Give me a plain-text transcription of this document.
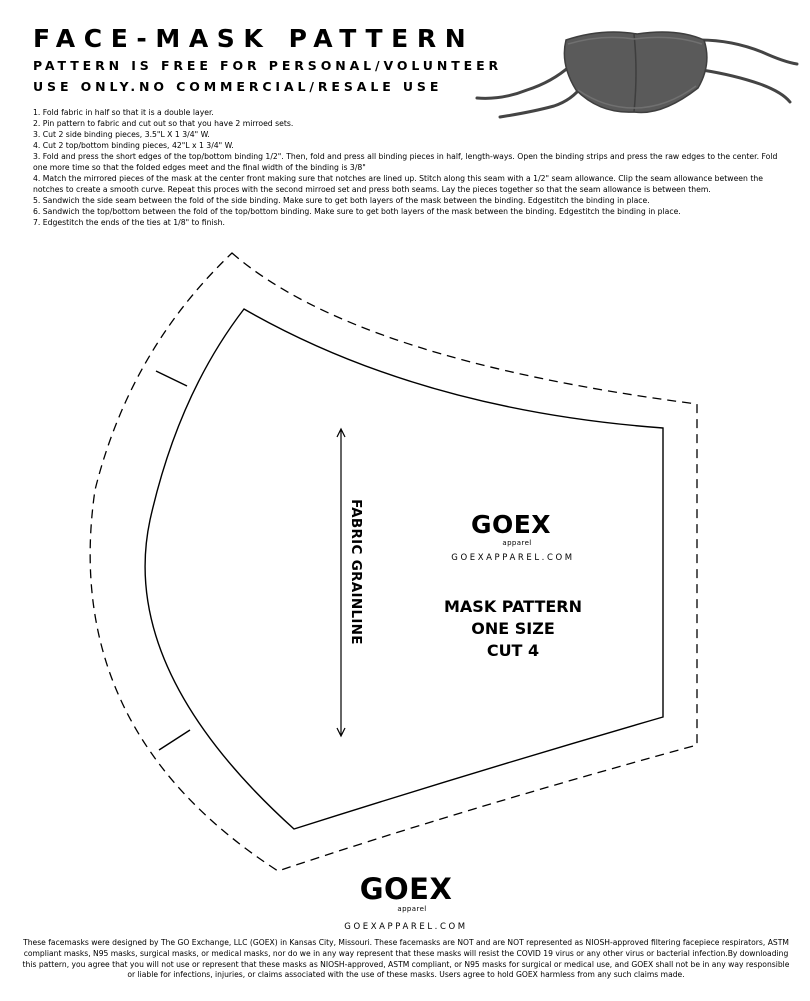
FACE-MASK PATTERN
PATTERN IS FREE FOR PERSONAL/VOLUNTEER
USE ONLY.NO COMMERCIAL/RESALE USE
1. Fold fabric in half so that it is a double layer.
2. Pin pattern to fabric and cut out so that you have 2 mirroed sets.
3. Cut 2 side binding pieces, 3.5"L X 1 3/4" W.
4. Cut 2 top/bottom binding pieces, 42"L x 1 3/4" W.
3. Fold and press the short edges of the top/bottom binding 1/2". Then, fold and press all binding pieces in half, length-ways. Open the binding strips and press the raw edges to the center. Fold one more time so that the folded edges meet and the final width of the binding is 3/8"
4. Match the mirrored pieces of the mask at the center front making sure that notches are lined up. Stitch along this seam with a 1/2" seam allowance. Clip the seam allowance between the notches to create a smooth curve. Repeat this proces with the second mirroed set and press both seams. Lay the pieces together so that the seam allowance is between them.
5. Sandwich the side seam between the fold of the side binding. Make sure to get both layers of the mask between the binding. Edgestitch the binding in place.
6. Sandwich the top/bottom between the fold of the top/bottom binding. Make sure to get both layers of the mask between the binding. Edgestitch the binding in place.
7. Edgestitch the ends of the ties at 1/8" to finish.
FABRIC GRAINLINE	GOEX
apparel
GOEXAPPAREL.COM
MASK PATTERN
ONE SIZE
CUT 4
GOEX
apparel
GOEXAPPAREL.COM
These facemasks were designed by The GO Exchange, LLC (GOEX) in Kansas City, Missouri. These facemasks are NOT and are NOT represented as NIOSH-approved filtering facepiece respirators, ASTM compliant masks, N95 masks, surgical masks, or medical masks, nor do we in any way represent that these masks will resist the COVID 19 virus or any other virus or bacterial infection.By downloading this pattern, you agree that you will not use or represent that these masks as NIOSH-approved, ASTM compliant, or N95 masks for surgical or medical use, and GOEX shall not be in any way responsible or liable for infections, injuries, or claims associated with the use of these masks. Users agree to hold GOEX harmless from any such claims made.
